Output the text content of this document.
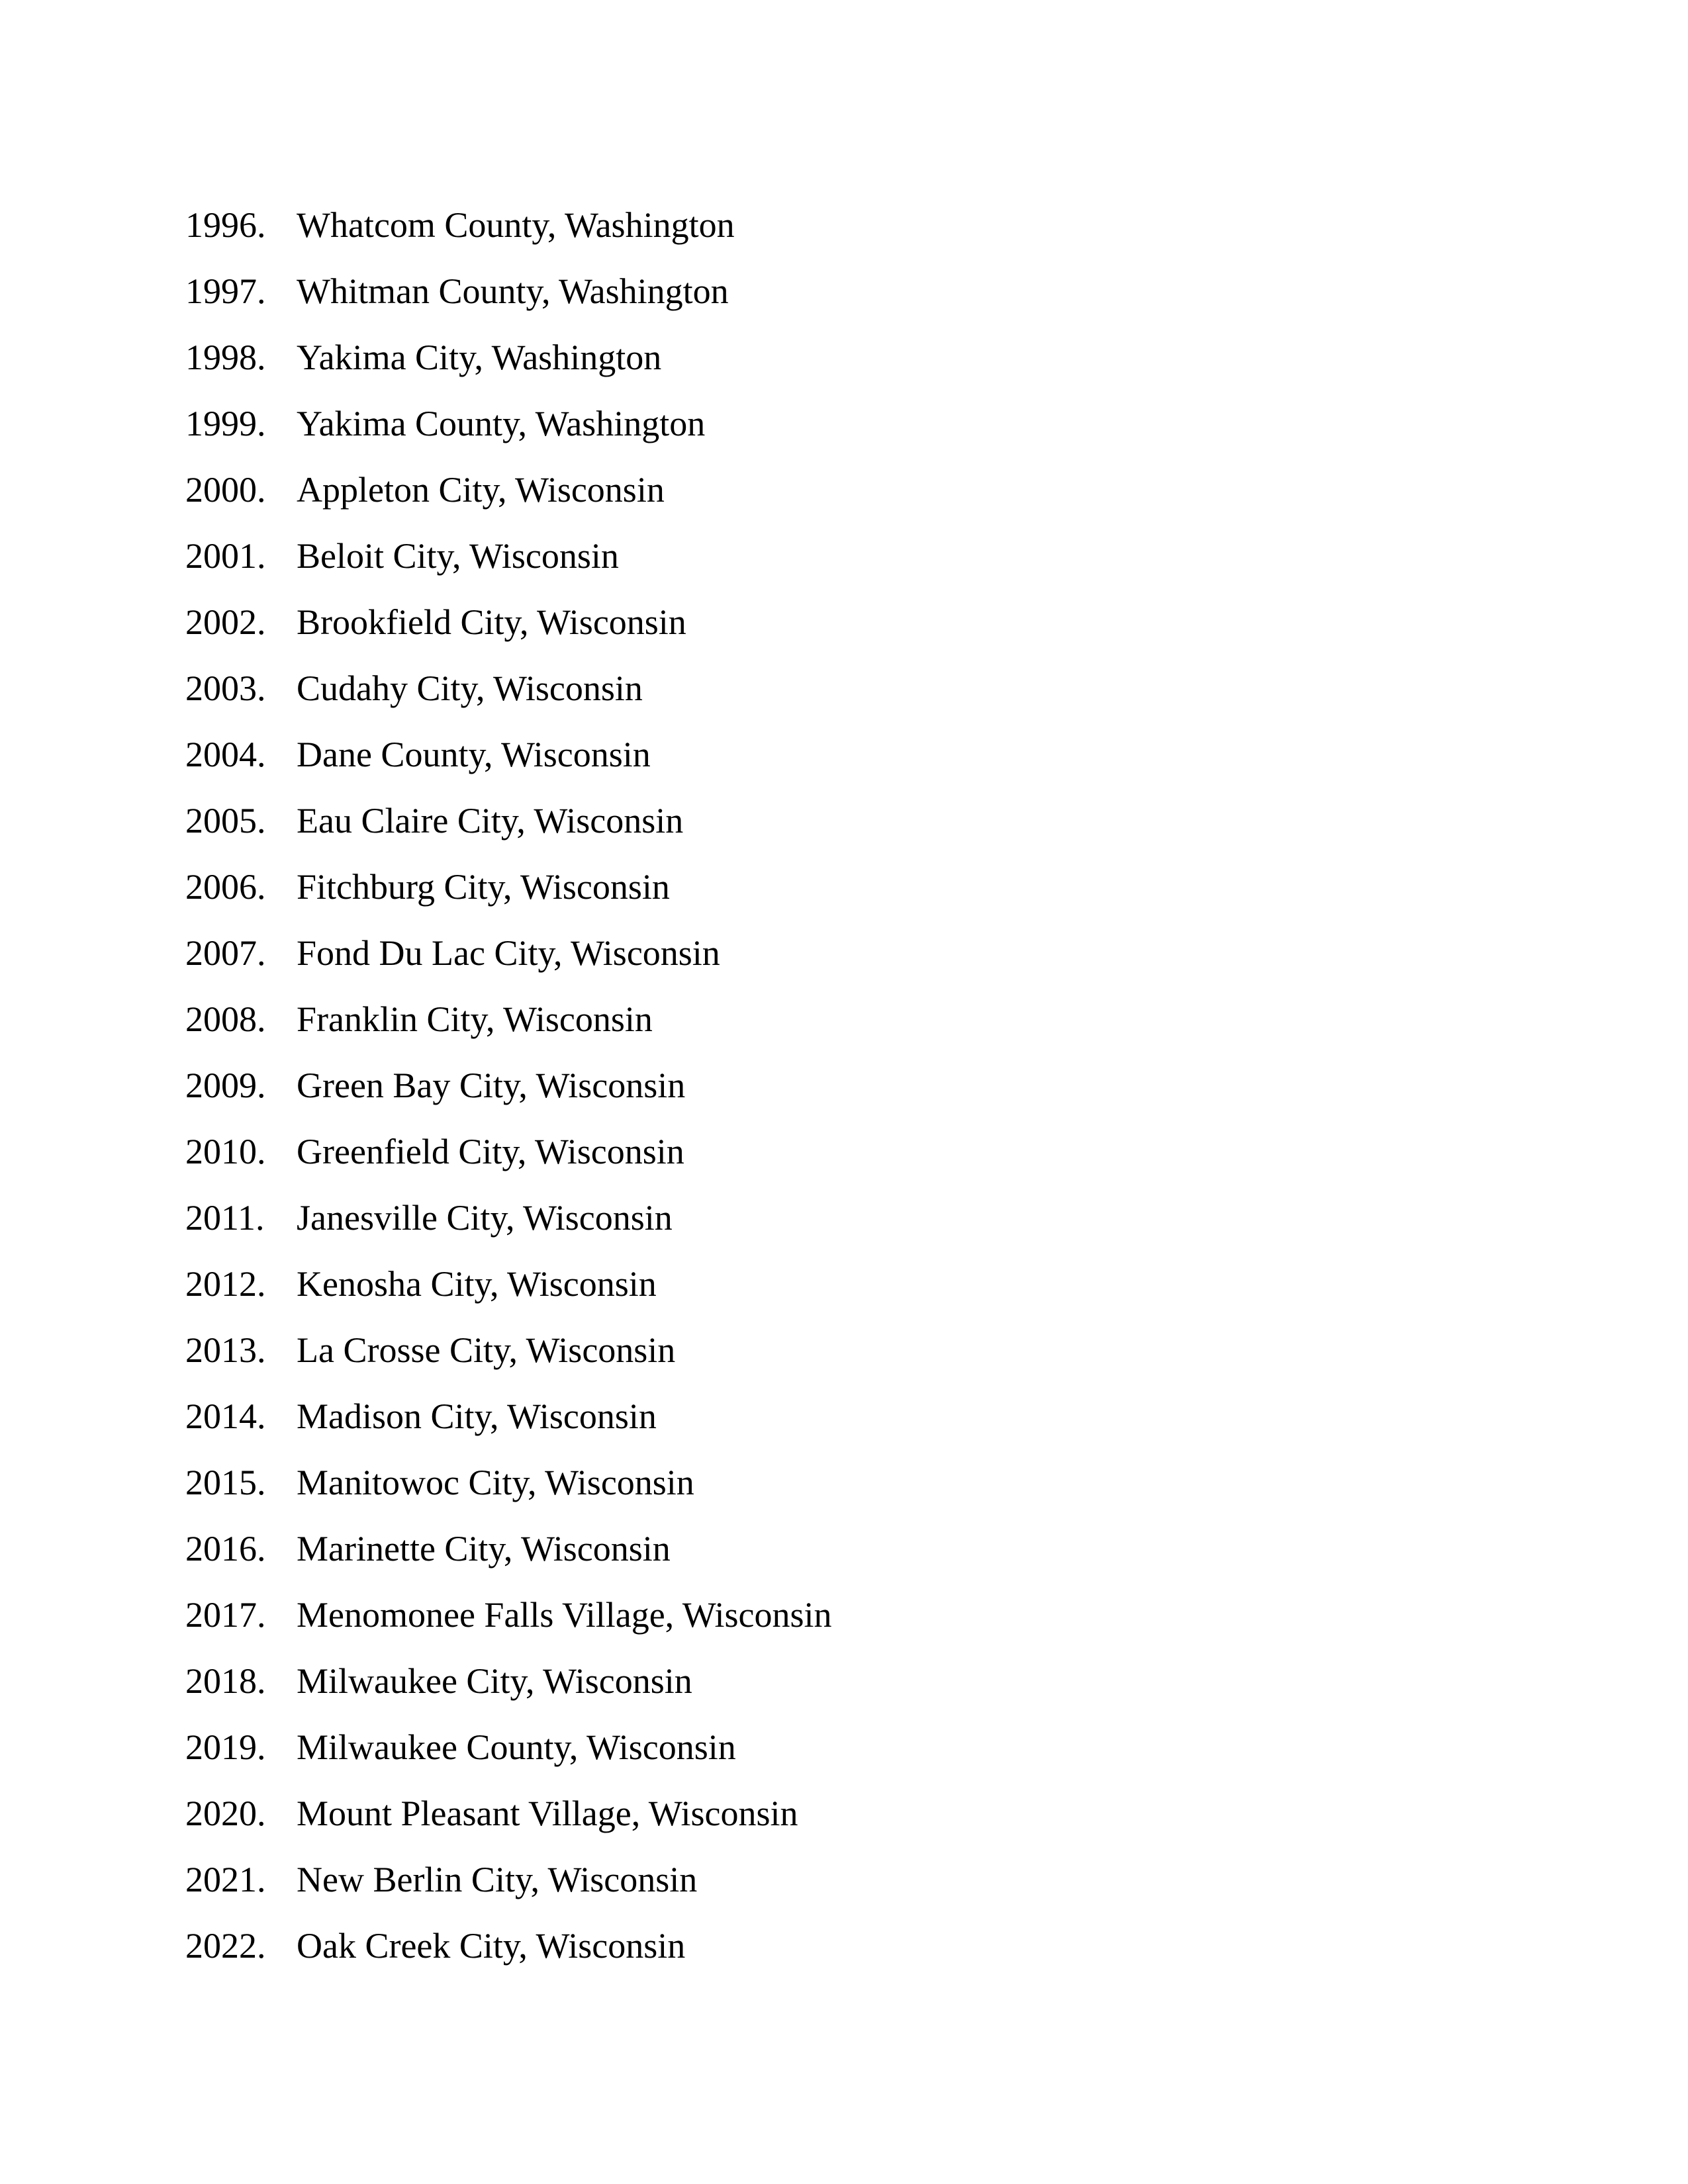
1996. Whatcom County, Washington
1997. Whitman County, Washington
1998. Yakima City, Washington
1999. Yakima County, Washington
2000. Appleton City, Wisconsin
2001. Beloit City, Wisconsin
2002. Brookfield City, Wisconsin
2003. Cudahy City, Wisconsin
2004. Dane County, Wisconsin
2005. Eau Claire City, Wisconsin
2006. Fitchburg City, Wisconsin
2007. Fond Du Lac City, Wisconsin
2008. Franklin City, Wisconsin
2009. Green Bay City, Wisconsin
2010. Greenfield City, Wisconsin
2011. Janesville City, Wisconsin
2012. Kenosha City, Wisconsin
2013. La Crosse City, Wisconsin
2014. Madison City, Wisconsin
2015. Manitowoc City, Wisconsin
2016. Marinette City, Wisconsin
2017. Menomonee Falls Village, Wisconsin
2018. Milwaukee City, Wisconsin
2019. Milwaukee County, Wisconsin
2020. Mount Pleasant Village, Wisconsin
2021. New Berlin City, Wisconsin
2022. Oak Creek City, Wisconsin
